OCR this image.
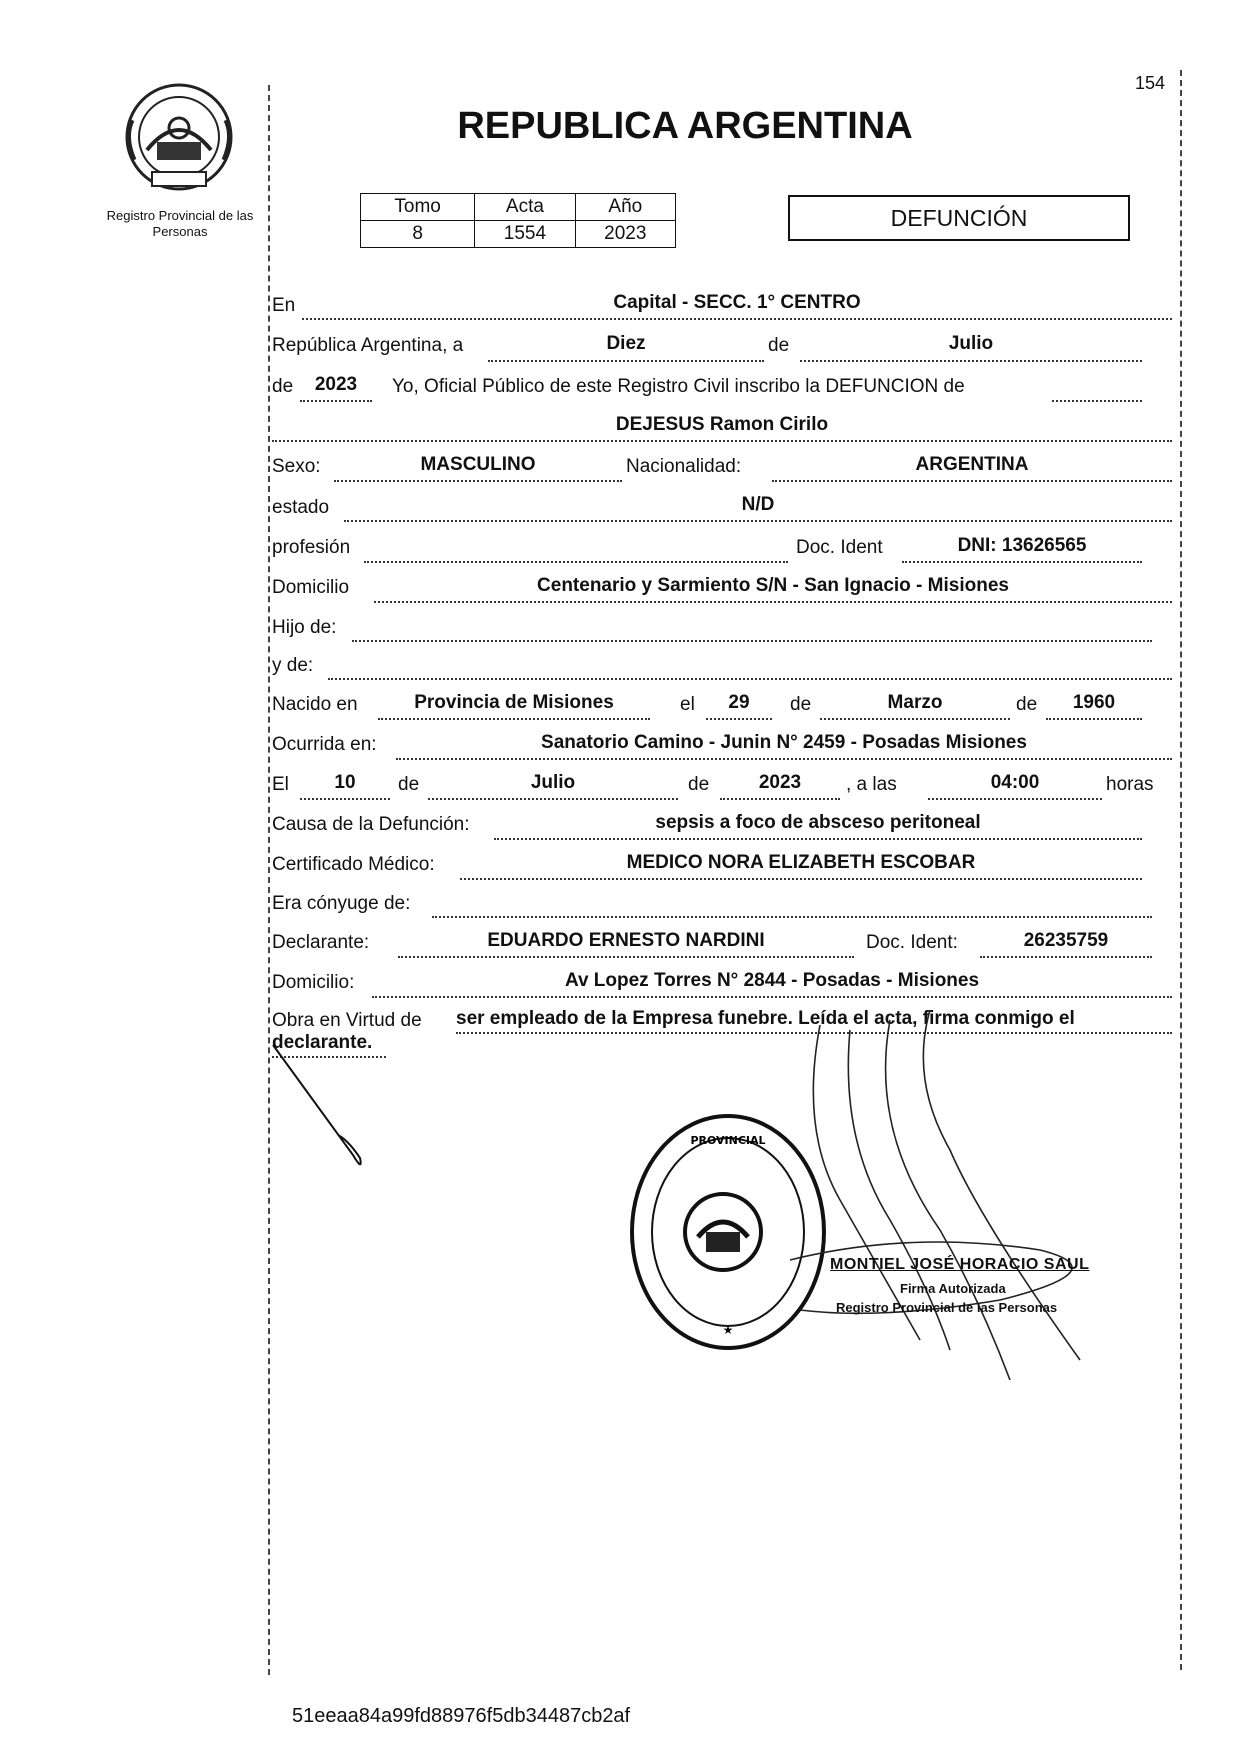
Registro Provincial de las Personas
154
REPUBLICA ARGENTINA
Tomo	Acta	Año
8	1554	2023
DEFUNCIÓN
En	Capital - SECC. 1° CENTRO
República Argentina, a	Diez	de	Julio
de	2023	Yo, Oficial Público de este Registro Civil inscribo la DEFUNCION de
DEJESUS Ramon Cirilo
Sexo:	MASCULINO	Nacionalidad:	ARGENTINA
estado	N/D
profesión	Doc. Ident	DNI: 13626565
Domicilio	Centenario y Sarmiento S/N - San Ignacio - Misiones
Hijo de:
y de:
Nacido en	Provincia de Misiones	el	29	de	Marzo	de	1960
Ocurrida en:	Sanatorio Camino - Junin N° 2459 - Posadas Misiones
El	10	de	Julio	de	2023	, a las	04:00	horas
Causa de la Defunción:	sepsis a foco de absceso peritoneal
Certificado Médico:	MEDICO NORA ELIZABETH ESCOBAR
Era cónyuge de:
Declarante:	EDUARDO ERNESTO NARDINI	Doc. Ident:	26235759
Domicilio:	Av Lopez Torres N° 2844 - Posadas - Misiones
Obra en Virtud de ser empleado de la Empresa funebre. Leída el acta, firma conmigo el
declarante.
PROVINCIAL
★
MONTIEL JOSÉ HORACIO SAUL
Firma Autorizada
Registro Provincial de las Personas
51eeaa84a99fd88976f5db34487cb2af
